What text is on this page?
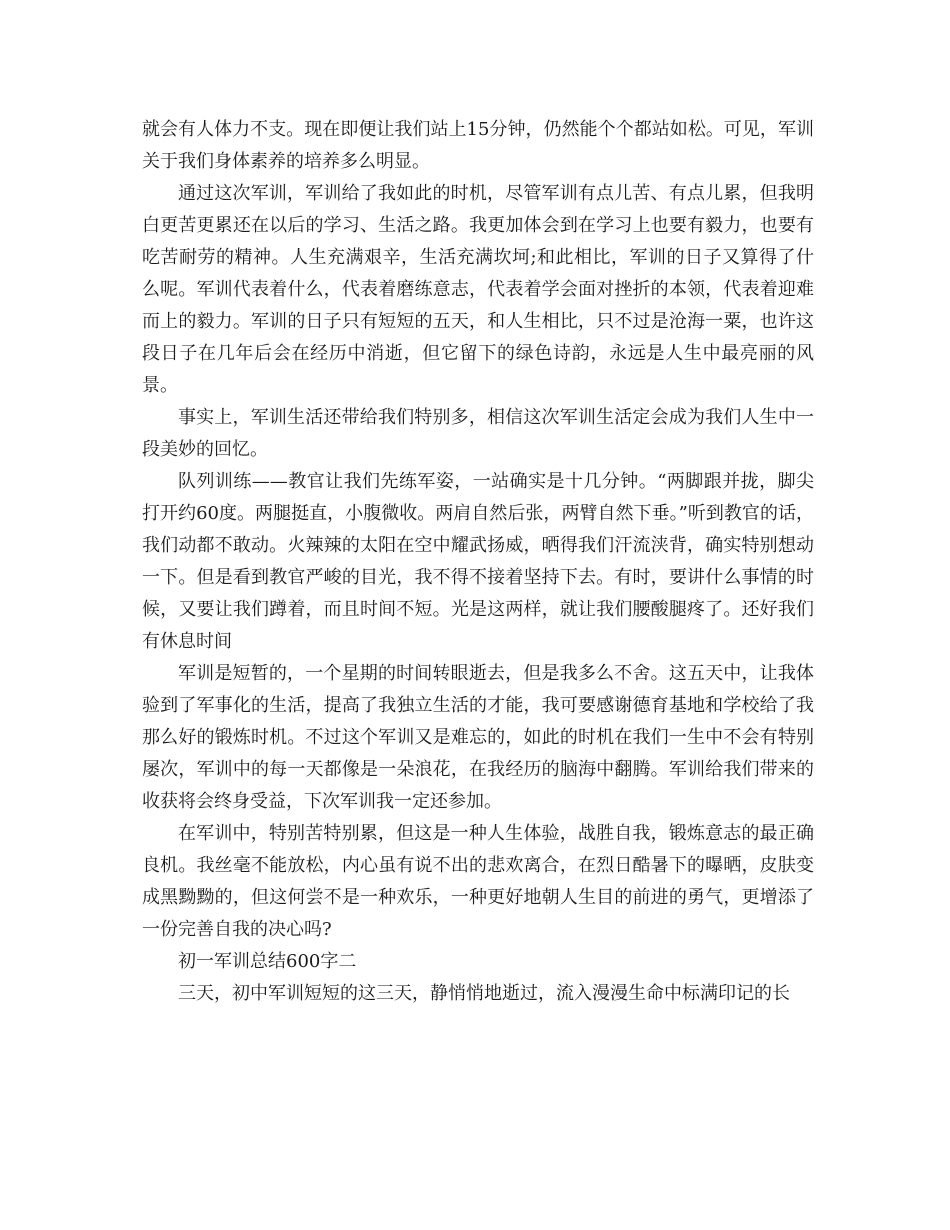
就会有人体力不支。现在即便让我们站上15分钟，仍然能个个都站如松。可见，军训关于我们身体素养的培养多么明显。

通过这次军训，军训给了我如此的时机，尽管军训有点儿苦、有点儿累，但我明白更苦更累还在以后的学习、生活之路。我更加体会到在学习上也要有毅力，也要有吃苦耐劳的精神。人生充满艰辛，生活充满坎坷;和此相比，军训的日子又算得了什么呢。军训代表着什么，代表着磨练意志，代表着学会面对挫折的本领，代表着迎难而上的毅力。军训的日子只有短短的五天，和人生相比，只不过是沧海一粟，也许这段日子在几年后会在经历中消逝，但它留下的绿色诗韵，永远是人生中最亮丽的风景。

事实上，军训生活还带给我们特别多，相信这次军训生活定会成为我们人生中一段美妙的回忆。

队列训练——教官让我们先练军姿，一站确实是十几分钟。“两脚跟并拢，脚尖打开约60度。两腿挺直，小腹微收。两肩自然后张，两臂自然下垂。”听到教官的话，我们动都不敢动。火辣辣的太阳在空中耀武扬威，晒得我们汗流浃背，确实特别想动一下。但是看到教官严峻的目光，我不得不接着坚持下去。有时，要讲什么事情的时候，又要让我们蹲着，而且时间不短。光是这两样，就让我们腰酸腿疼了。还好我们有休息时间

军训是短暂的，一个星期的时间转眼逝去，但是我多么不舍。这五天中，让我体验到了军事化的生活，提高了我独立生活的才能，我可要感谢德育基地和学校给了我那么好的锻炼时机。不过这个军训又是难忘的，如此的时机在我们一生中不会有特别屡次，军训中的每一天都像是一朵浪花，在我经历的脑海中翻腾。军训给我们带来的收获将会终身受益，下次军训我一定还参加。

在军训中，特别苦特别累，但这是一种人生体验，战胜自我，锻炼意志的最正确良机。我丝毫不能放松，内心虽有说不出的悲欢离合，在烈日酷暑下的曝晒，皮肤变成黑黝黝的，但这何尝不是一种欢乐，一种更好地朝人生目的前进的勇气，更增添了一份完善自我的决心吗?

初一军训总结600字二

三天，初中军训短短的这三天，静悄悄地逝过，流入漫漫生命中标满印记的长
